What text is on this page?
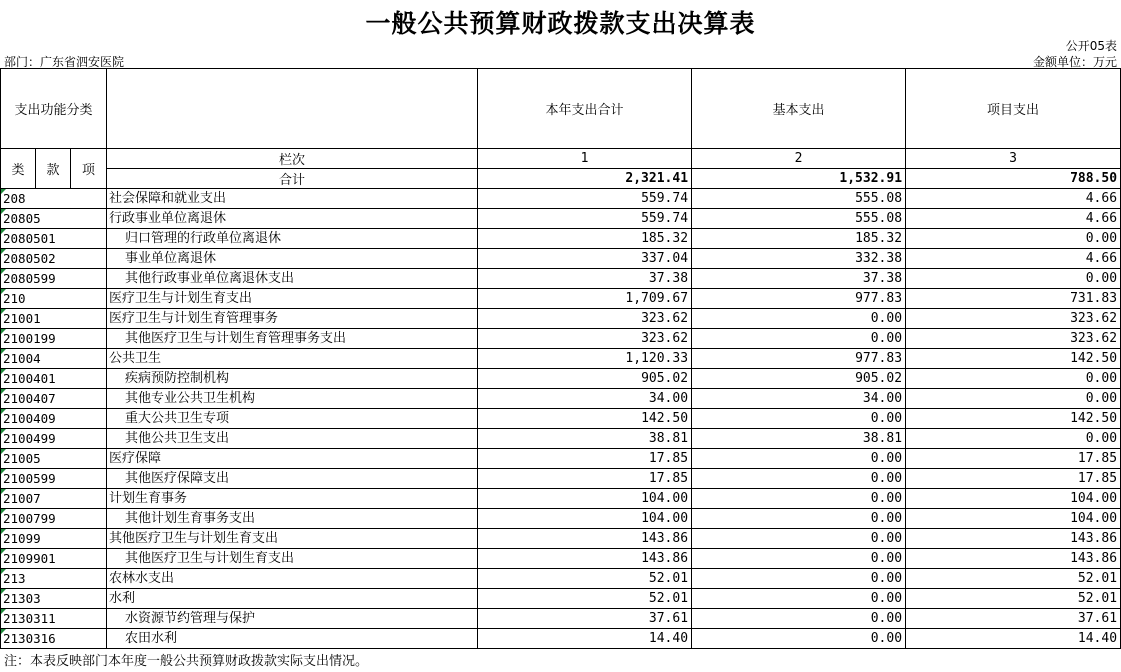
一般公共预算财政拨款支出决算表
公开05表
部门：广东省泗安医院	金额单位：万元
支出功能分类				本年支出合计	基本支出	项目支出
类	款	项	栏次	1	2	3
			合计	2,321.41	1,532.91	788.50
208			社会保障和就业支出	559.74	555.08	4.66
20805			行政事业单位离退休	559.74	555.08	4.66
2080501			归口管理的行政单位离退休	185.32	185.32	0.00
2080502			事业单位离退休	337.04	332.38	4.66
2080599			其他行政事业单位离退休支出	37.38	37.38	0.00
210			医疗卫生与计划生育支出	1,709.67	977.83	731.83
21001			医疗卫生与计划生育管理事务	323.62	0.00	323.62
2100199			其他医疗卫生与计划生育管理事务支出	323.62	0.00	323.62
21004			公共卫生	1,120.33	977.83	142.50
2100401			疾病预防控制机构	905.02	905.02	0.00
2100407			其他专业公共卫生机构	34.00	34.00	0.00
2100409			重大公共卫生专项	142.50	0.00	142.50
2100499			其他公共卫生支出	38.81	38.81	0.00
21005			医疗保障	17.85	0.00	17.85
2100599			其他医疗保障支出	17.85	0.00	17.85
21007			计划生育事务	104.00	0.00	104.00
2100799			其他计划生育事务支出	104.00	0.00	104.00
21099			其他医疗卫生与计划生育支出	143.86	0.00	143.86
2109901			其他医疗卫生与计划生育支出	143.86	0.00	143.86
213			农林水支出	52.01	0.00	52.01
21303			水利	52.01	0.00	52.01
2130311			水资源节约管理与保护	37.61	0.00	37.61
2130316			农田水利	14.40	0.00	14.40
注：本表反映部门本年度一般公共预算财政拨款实际支出情况。
